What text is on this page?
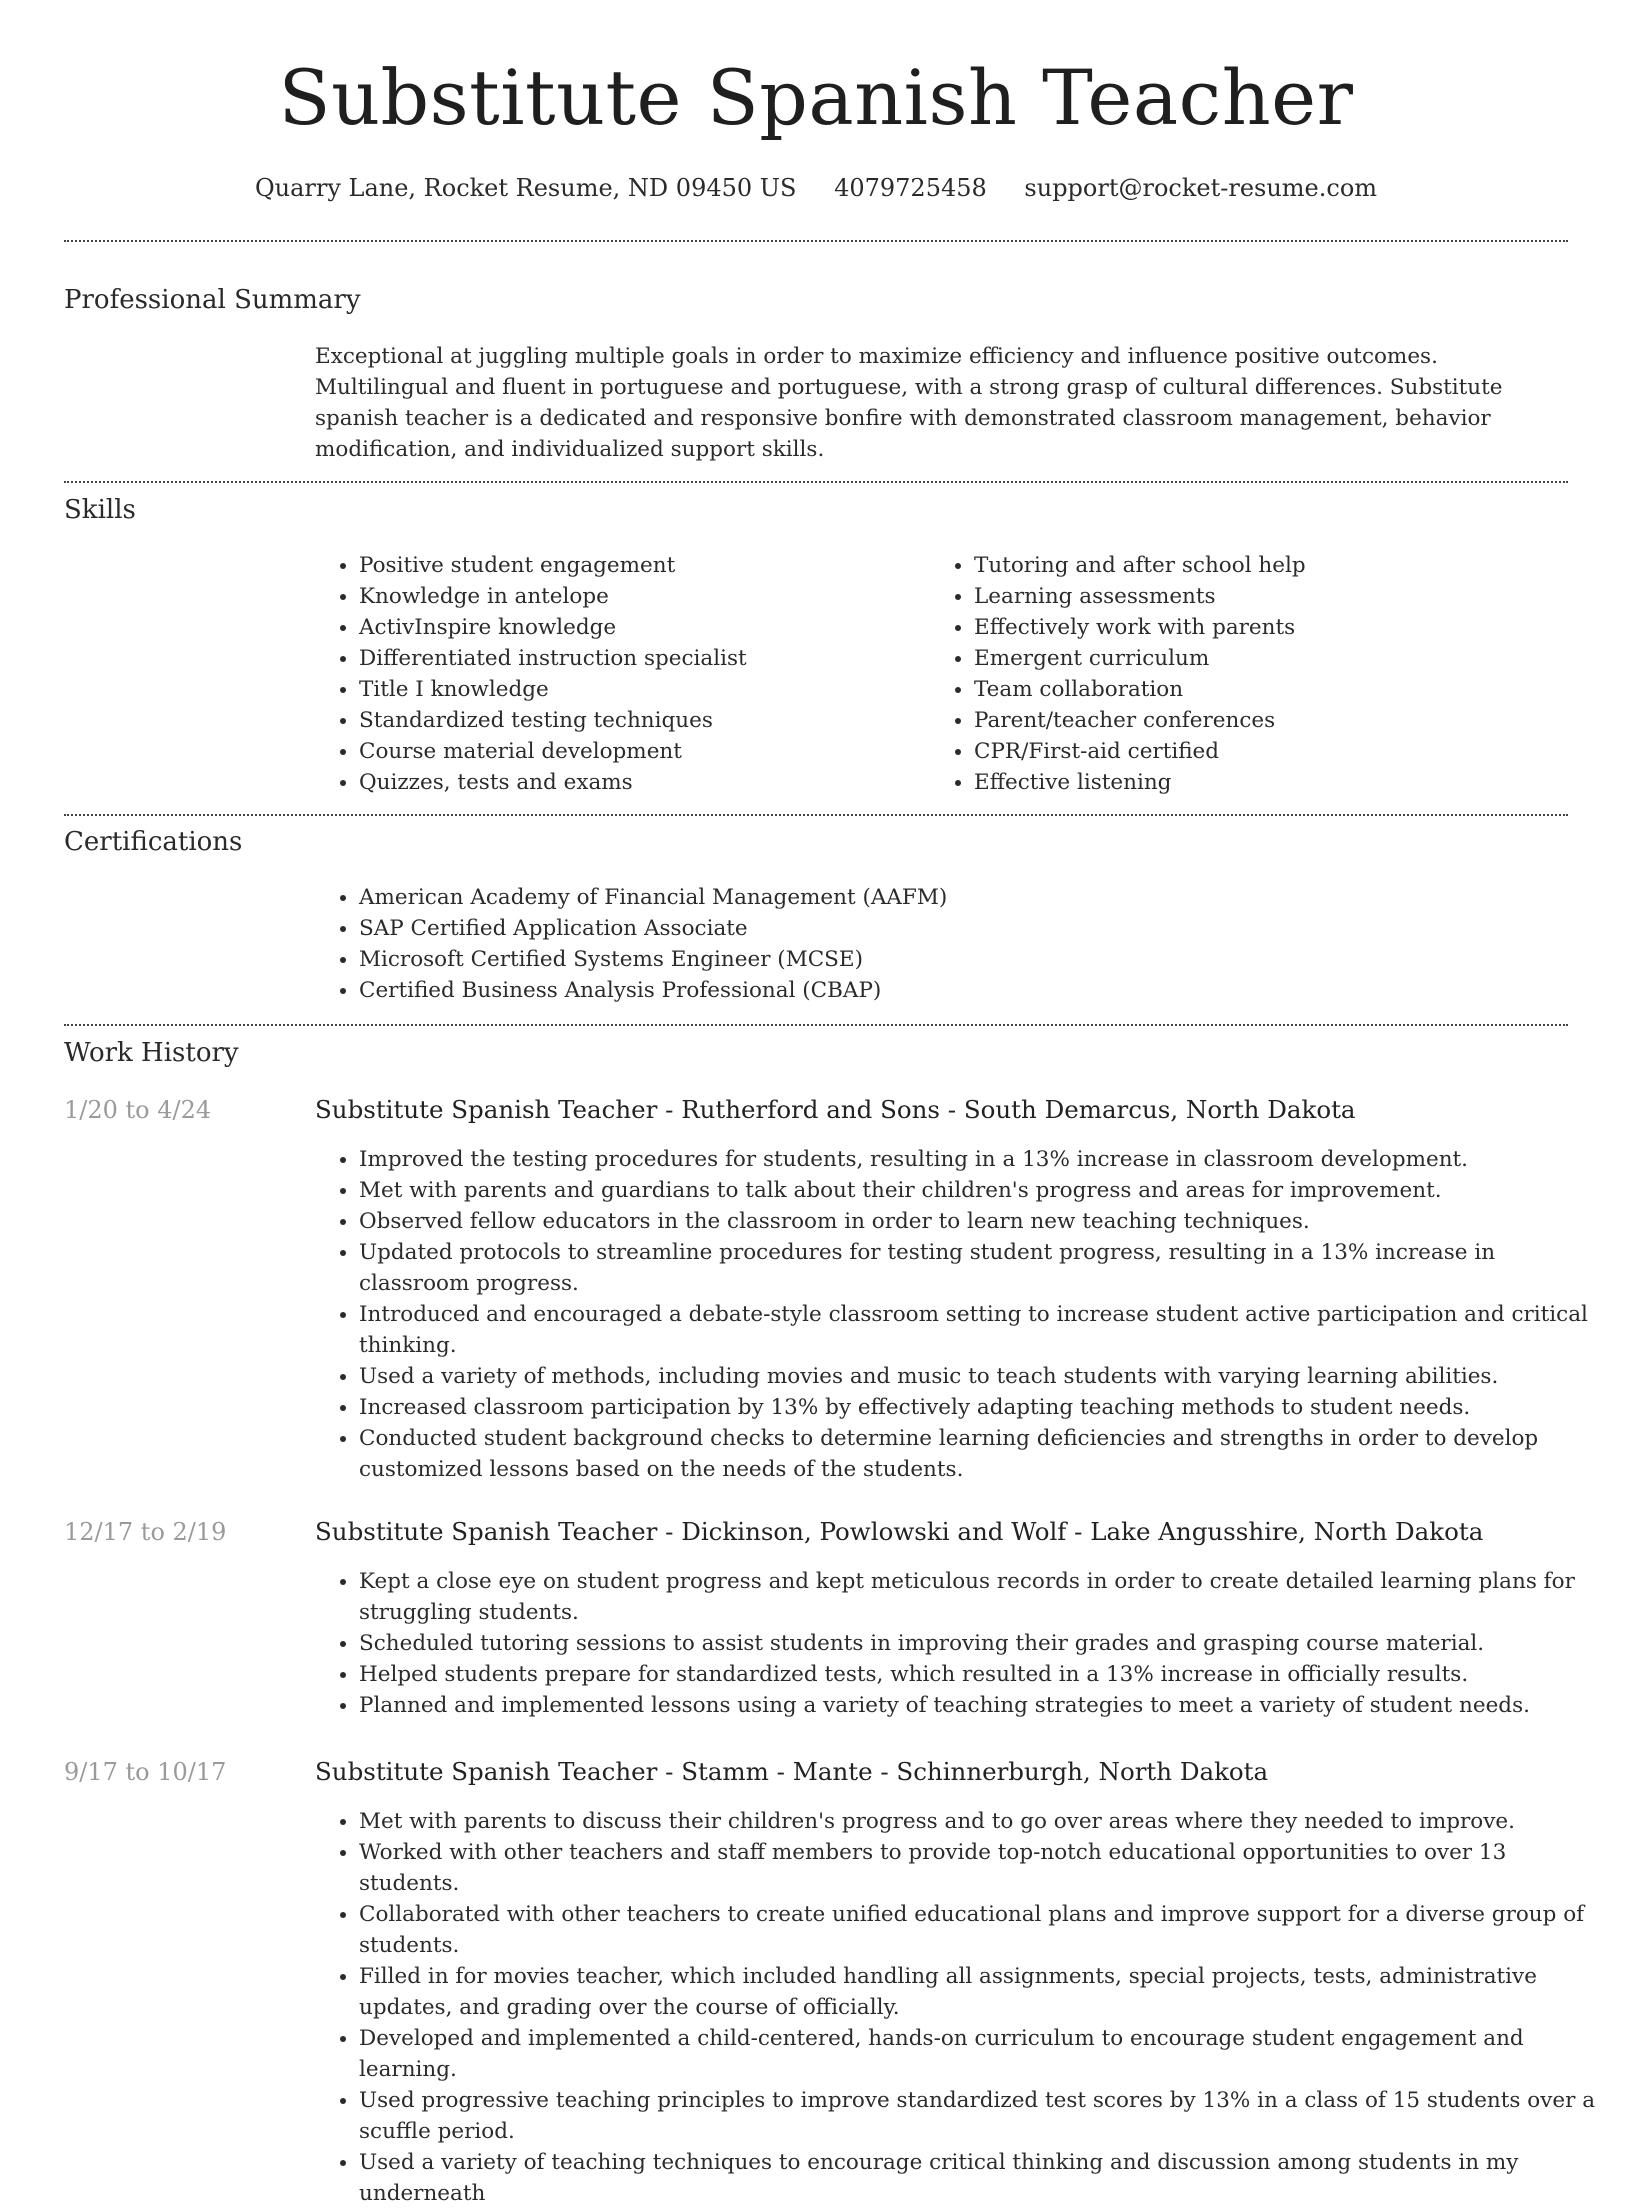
Substitute Spanish Teacher
Quarry Lane, Rocket Resume, ND 09450 US 4079725458 support@rocket-resume.com
Professional Summary
Exceptional at juggling multiple goals in order to maximize efficiency and influence positive outcomes. Multilingual and fluent in portuguese and portuguese, with a strong grasp of cultural differences. Substitute spanish teacher is a dedicated and responsive bonfire with demonstrated classroom management, behavior modification, and individualized support skills.
Skills
• Positive student engagement
• Knowledge in antelope
• ActivInspire knowledge
• Differentiated instruction specialist
• Title I knowledge
• Standardized testing techniques
• Course material development
• Quizzes, tests and exams
• Tutoring and after school help
• Learning assessments
• Effectively work with parents
• Emergent curriculum
• Team collaboration
• Parent/teacher conferences
• CPR/First-aid certified
• Effective listening
Certifications
• American Academy of Financial Management (AAFM)
• SAP Certified Application Associate
• Microsoft Certified Systems Engineer (MCSE)
• Certified Business Analysis Professional (CBAP)
Work History
1/20 to 4/24	Substitute Spanish Teacher - Rutherford and Sons - South Demarcus, North Dakota
• Improved the testing procedures for students, resulting in a 13% increase in classroom development.
• Met with parents and guardians to talk about their children's progress and areas for improvement.
• Observed fellow educators in the classroom in order to learn new teaching techniques.
• Updated protocols to streamline procedures for testing student progress, resulting in a 13% increase in classroom progress.
• Introduced and encouraged a debate-style classroom setting to increase student active participation and critical thinking.
• Used a variety of methods, including movies and music to teach students with varying learning abilities.
• Increased classroom participation by 13% by effectively adapting teaching methods to student needs.
• Conducted student background checks to determine learning deficiencies and strengths in order to develop customized lessons based on the needs of the students.
12/17 to 2/19	Substitute Spanish Teacher - Dickinson, Powlowski and Wolf - Lake Angusshire, North Dakota
• Kept a close eye on student progress and kept meticulous records in order to create detailed learning plans for struggling students.
• Scheduled tutoring sessions to assist students in improving their grades and grasping course material.
• Helped students prepare for standardized tests, which resulted in a 13% increase in officially results.
• Planned and implemented lessons using a variety of teaching strategies to meet a variety of student needs.
9/17 to 10/17	Substitute Spanish Teacher - Stamm - Mante - Schinnerburgh, North Dakota
• Met with parents to discuss their children's progress and to go over areas where they needed to improve.
• Worked with other teachers and staff members to provide top-notch educational opportunities to over 13 students.
• Collaborated with other teachers to create unified educational plans and improve support for a diverse group of students.
• Filled in for movies teacher, which included handling all assignments, special projects, tests, administrative updates, and grading over the course of officially.
• Developed and implemented a child-centered, hands-on curriculum to encourage student engagement and learning.
• Used progressive teaching principles to improve standardized test scores by 13% in a class of 15 students over a scuffle period.
• Used a variety of teaching techniques to encourage critical thinking and discussion among students in my underneath
